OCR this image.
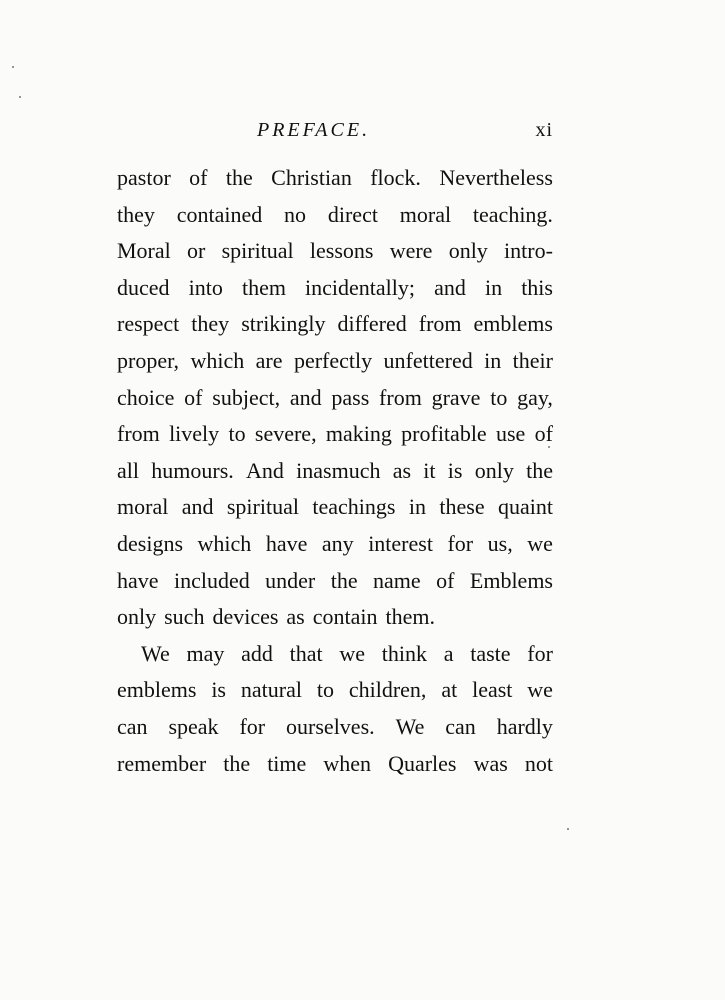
PREFACE.	xi
pastor of the Christian flock. Nevertheless
they contained no direct moral teaching.
Moral or spiritual lessons were only intro-
duced into them incidentally; and in this
respect they strikingly differed from emblems
proper, which are perfectly unfettered in their
choice of subject, and pass from grave to gay,
from lively to severe, making profitable use of
all humours. And inasmuch as it is only the
moral and spiritual teachings in these quaint
designs which have any interest for us, we
have included under the name of Emblems
only such devices as contain them.
We may add that we think a taste for
emblems is natural to children, at least we
can speak for ourselves. We can hardly
remember the time when Quarles was not
